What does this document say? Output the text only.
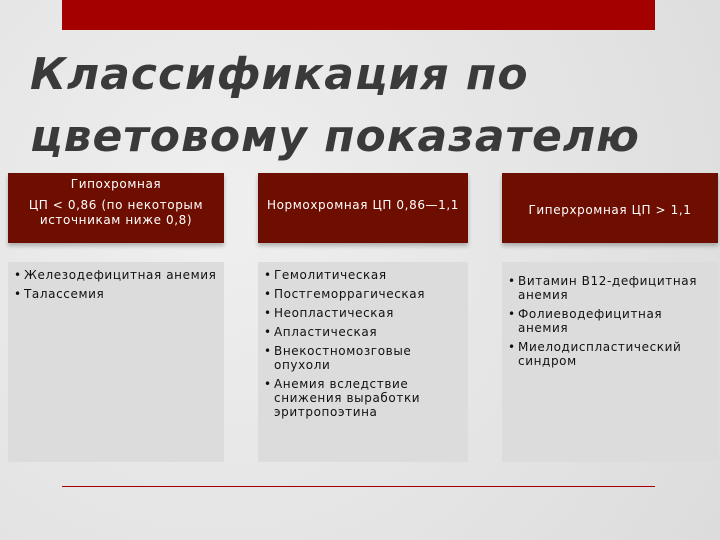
Классификация по
цветовому показателю
Гипохромная
ЦП < 0,86 (по некоторым источникам ниже 0,8)
Нормохромная ЦП 0,86—1,1	Гиперхромная ЦП > 1,1
• Железодефицитная анемия
• Талассемия
• Гемолитическая
• Постгеморрагическая
• Неопластическая
• Апластическая
• Внекостномозговые опухоли
• Анемия вследствие снижения выработки эритропоэтина
• Витамин B12-дефицитная анемия
• Фолиеводефицитная анемия
• Миелодиспластический синдром
